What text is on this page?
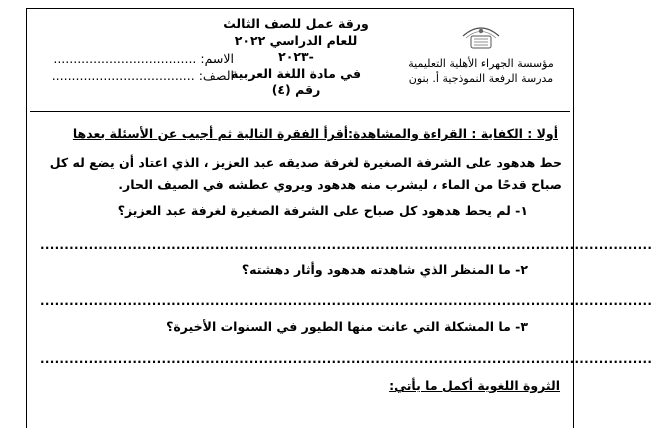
مؤسسة الجهراء الأهلية التعليمية
مدرسة الرفعة النموذجية أ. بنون
ورقة عمل للصف الثالث
للعام الدراسي ٢٠٢٢ -٢٠٢٣
في مادة اللغة العربية
رقم (٤)
الاسم: ....................................
الصف: ....................................
أولا : الكفاية : القراءة والمشاهدة:أقرأ الفقرة التالية ثم أجيب عن الأسئلة بعدها
حط هدهود على الشرفة الصغيرة لغرفة صديقه عبد العزيز ، الذي اعتاد أن يضع له كل صباح قدحًا من الماء ، ليشرب منه هدهود ويروي عطشه في الصيف الحار.
١- لم يحط هدهود كل صباح على الشرفة الصغيرة لغرفة عبد العزيز؟
..............................................................................................................................
٢- ما المنظر الذي شاهدته هدهود وأثار دهشته؟
..............................................................................................................................
٣- ما المشكلة التي عانت منها الطيور في السنوات الأخيرة؟
..............................................................................................................................
الثروة اللغوية أكمل ما يأتي:
